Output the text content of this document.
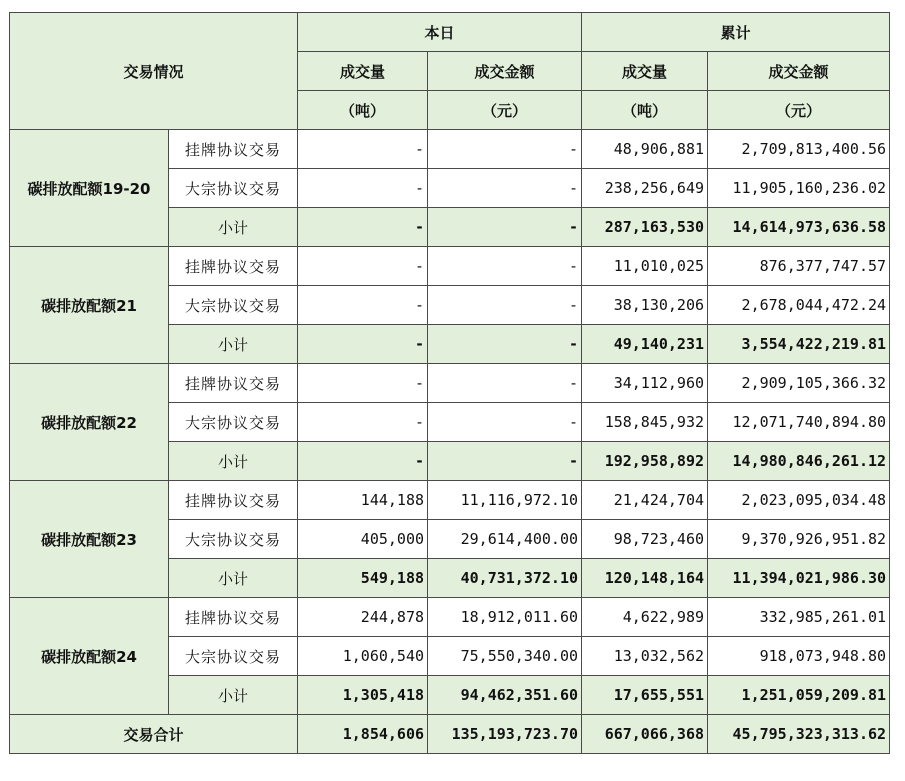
交易情况		本日		累计	
		成交量	成交金额	成交量	成交金额
		（吨）	（元）	（吨）	（元）
碳排放配额19-20	挂牌协议交易	-	-	48,906,881	2,709,813,400.56
	大宗协议交易	-	-	238,256,649	11,905,160,236.02
	小计	-	-	287,163,530	14,614,973,636.58
碳排放配额21	挂牌协议交易	-	-	11,010,025	876,377,747.57
	大宗协议交易	-	-	38,130,206	2,678,044,472.24
	小计	-	-	49,140,231	3,554,422,219.81
碳排放配额22	挂牌协议交易	-	-	34,112,960	2,909,105,366.32
	大宗协议交易	-	-	158,845,932	12,071,740,894.80
	小计	-	-	192,958,892	14,980,846,261.12
碳排放配额23	挂牌协议交易	144,188	11,116,972.10	21,424,704	2,023,095,034.48
	大宗协议交易	405,000	29,614,400.00	98,723,460	9,370,926,951.82
	小计	549,188	40,731,372.10	120,148,164	11,394,021,986.30
碳排放配额24	挂牌协议交易	244,878	18,912,011.60	4,622,989	332,985,261.01
	大宗协议交易	1,060,540	75,550,340.00	13,032,562	918,073,948.80
	小计	1,305,418	94,462,351.60	17,655,551	1,251,059,209.81
交易合计		1,854,606	135,193,723.70	667,066,368	45,795,323,313.62
